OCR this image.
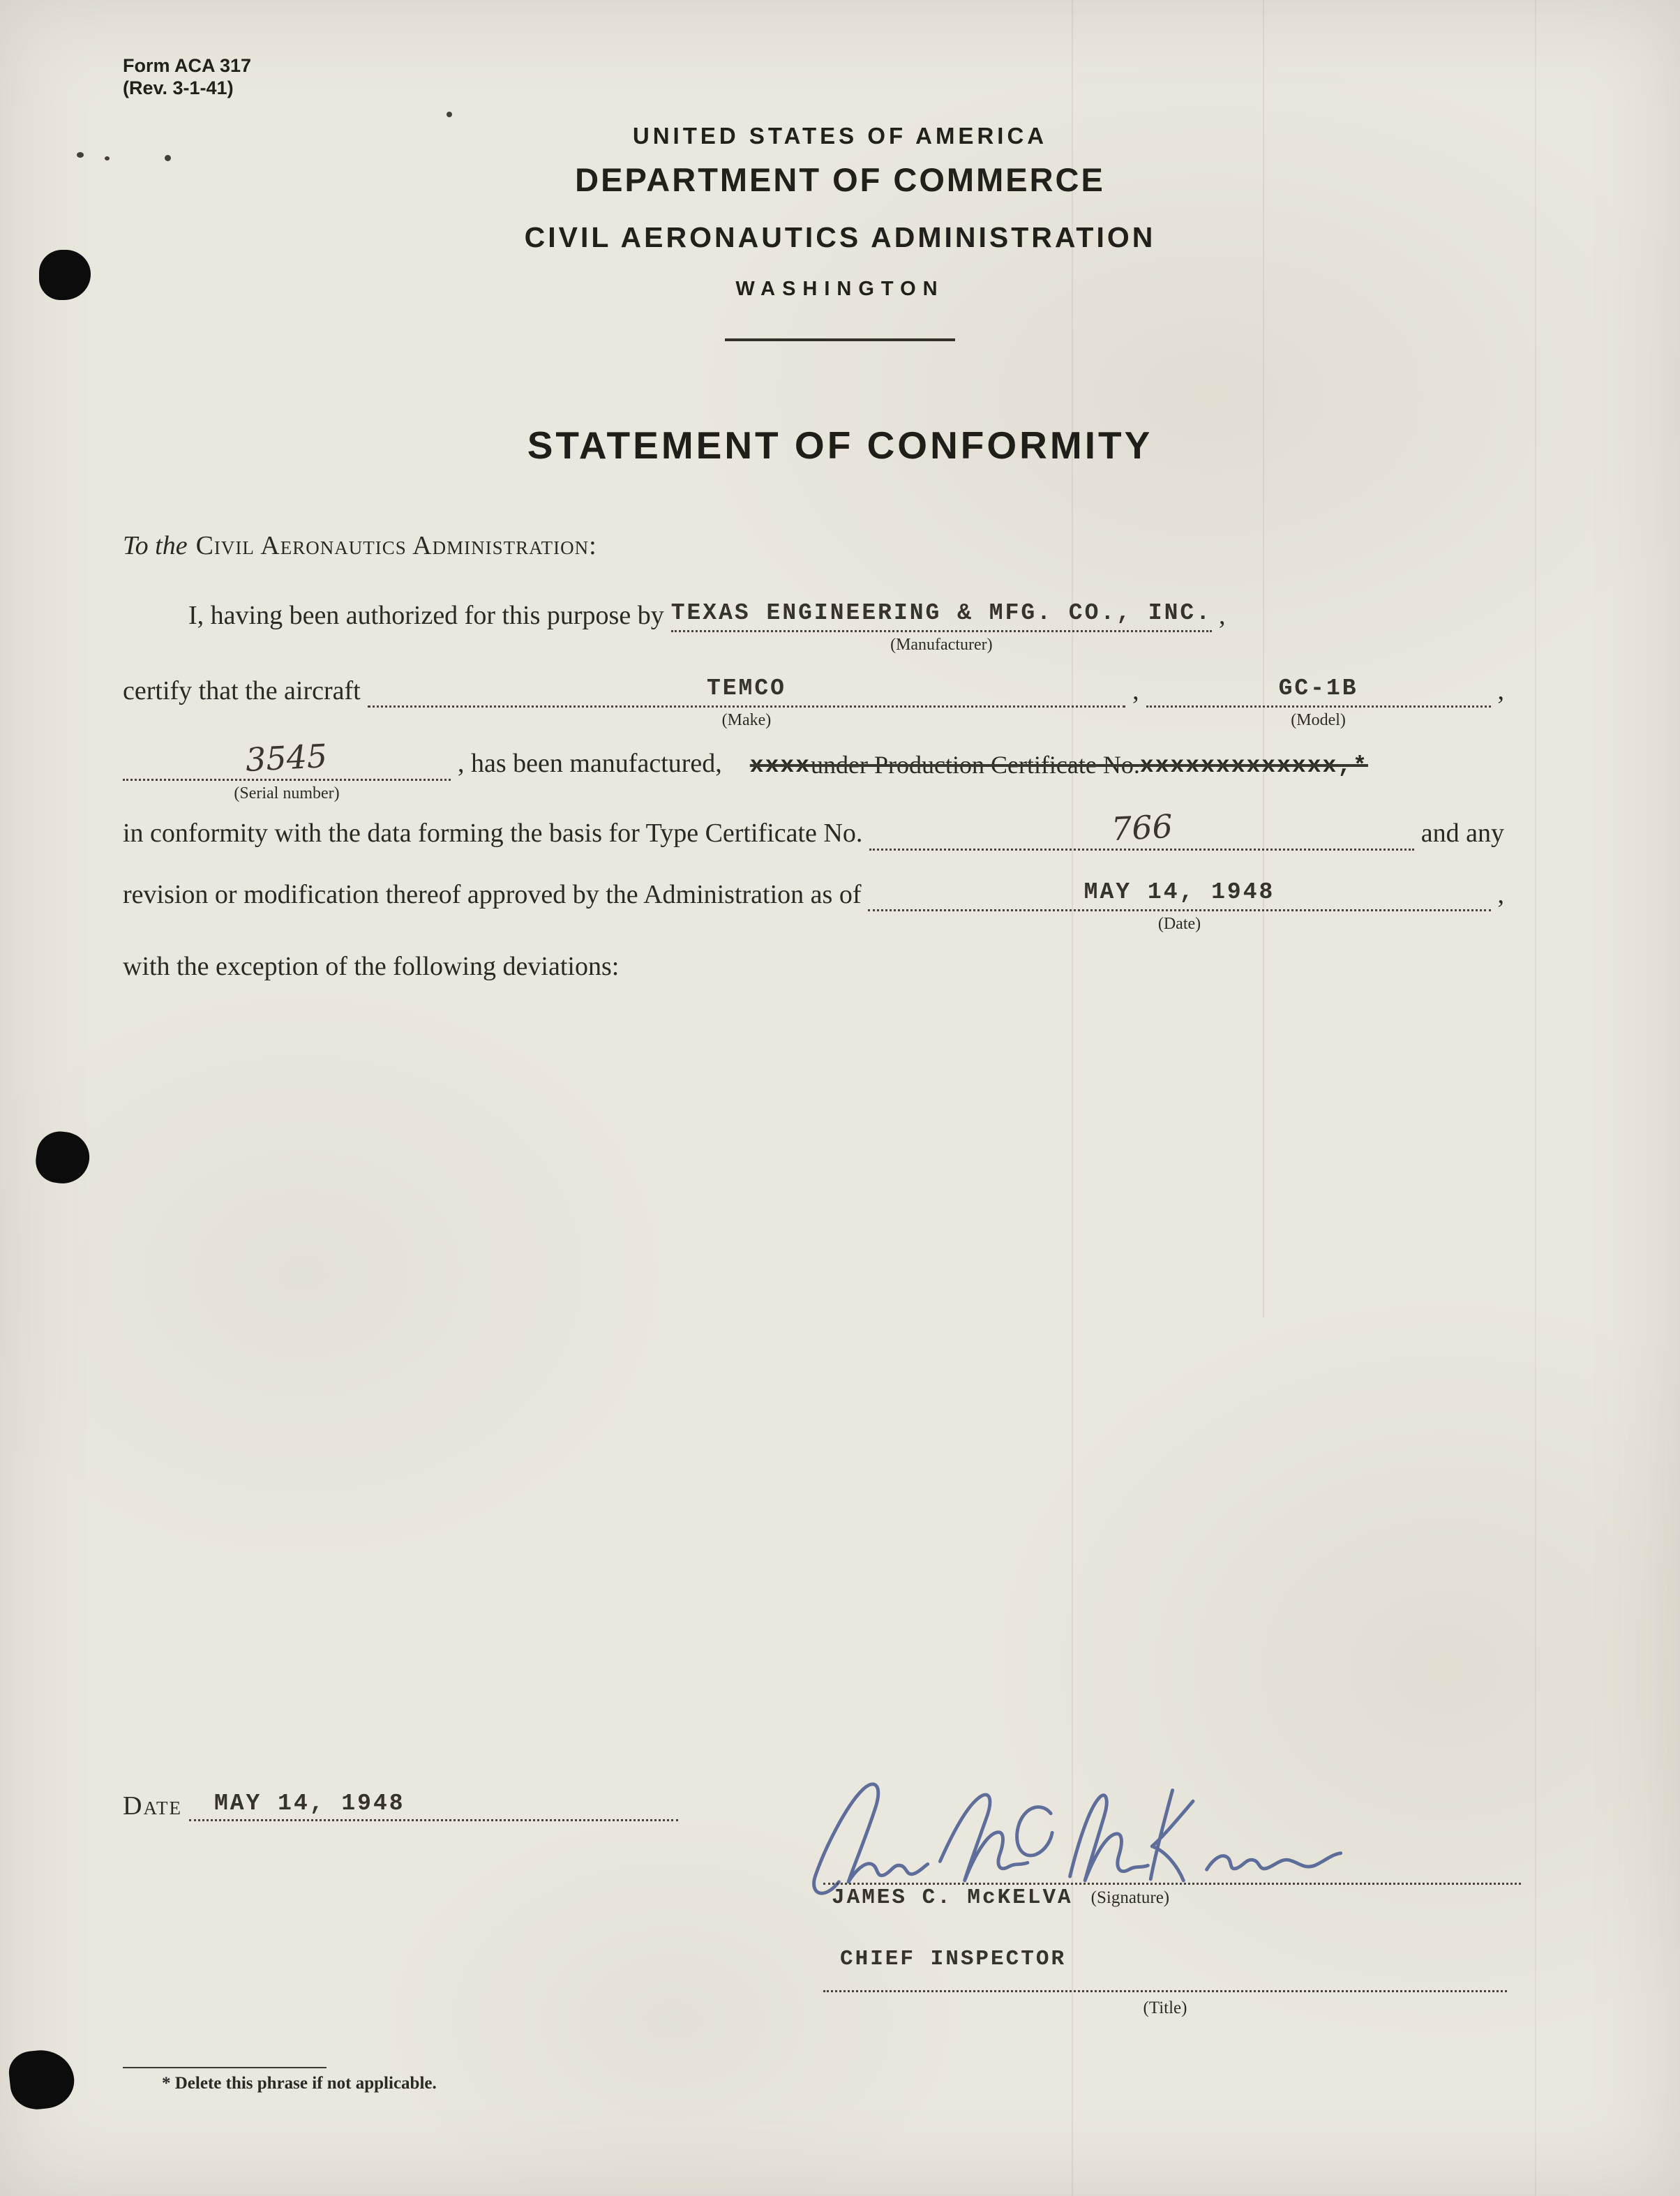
Form ACA 317
(Rev. 3-1-41)
UNITED STATES OF AMERICA
DEPARTMENT OF COMMERCE
CIVIL AERONAUTICS ADMINISTRATION
WASHINGTON
STATEMENT OF CONFORMITY

To the Civil Aeronautics Administration:

I, having been authorized for this purpose by TEXAS ENGINEERING & MFG. CO., INC.
(Manufacturer)
,
certify that the aircraft	TEMCO
(Make)
,	GC-1B
(Model)
,
3545
(Serial number)
, has been manufactured, xxxx under Production Certificate No. xxxxxxxxxxxxx,*
in conformity with the data forming the basis for Type Certificate No.	766	and any
revision or modification thereof approved by the Administration as of	MAY 14, 1948
(Date)
,
with the exception of the following deviations:
Date MAY 14, 1948
JAMES C. McKELVA (Signature)
CHIEF INSPECTOR
(Title)
* Delete this phrase if not applicable.
